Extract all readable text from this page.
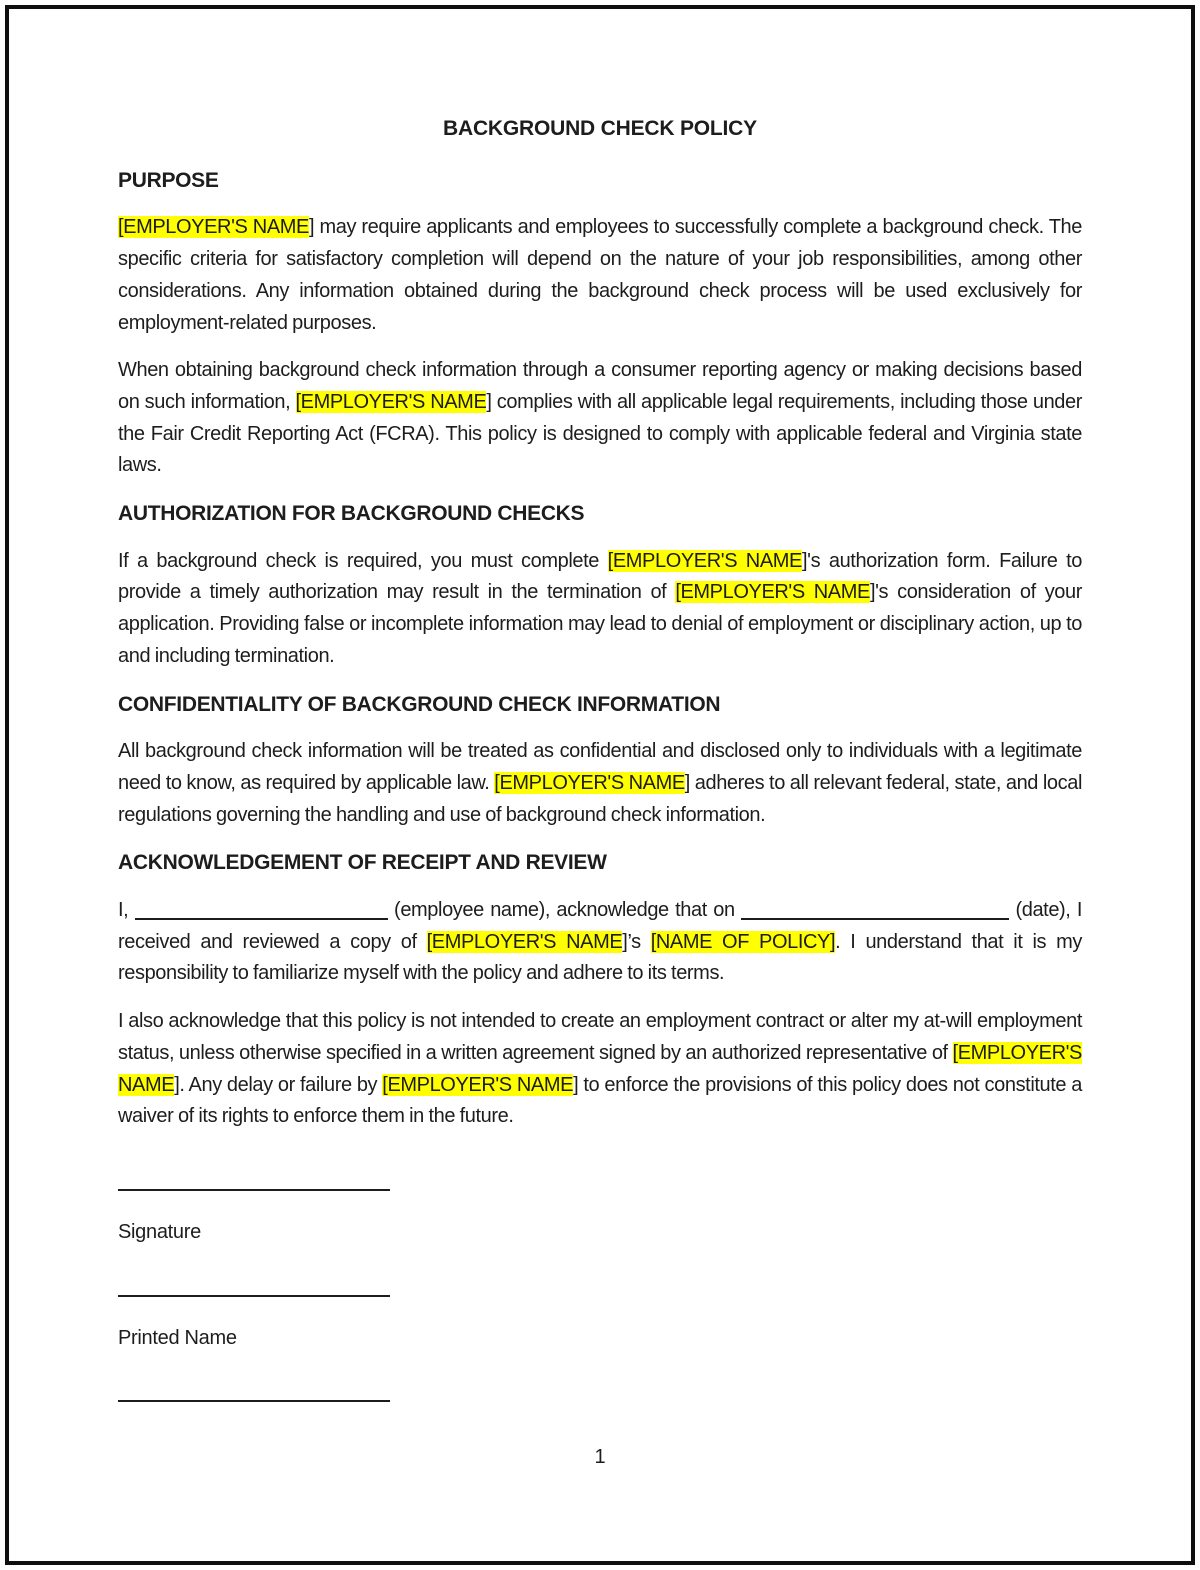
BACKGROUND CHECK POLICY
PURPOSE
[EMPLOYER'S NAME] may require applicants and employees to successfully complete a background check. The specific criteria for satisfactory completion will depend on the nature of your job responsibilities, among other considerations. Any information obtained during the background check process will be used exclusively for employment-related purposes.
When obtaining background check information through a consumer reporting agency or making decisions based on such information, [EMPLOYER'S NAME] complies with all applicable legal requirements, including those under the Fair Credit Reporting Act (FCRA). This policy is designed to comply with applicable federal and Virginia state laws.
AUTHORIZATION FOR BACKGROUND CHECKS
If a background check is required, you must complete [EMPLOYER'S NAME]'s authorization form. Failure to provide a timely authorization may result in the termination of [EMPLOYER'S NAME]'s consideration of your application. Providing false or incomplete information may lead to denial of employment or disciplinary action, up to and including termination.
CONFIDENTIALITY OF BACKGROUND CHECK INFORMATION
All background check information will be treated as confidential and disclosed only to individuals with a legitimate need to know, as required by applicable law. [EMPLOYER'S NAME] adheres to all relevant federal, state, and local regulations governing the handling and use of background check information.
ACKNOWLEDGEMENT OF RECEIPT AND REVIEW
I,	(employee name), acknowledge that on	(date), I received and reviewed a copy of [EMPLOYER'S NAME]’s [NAME OF POLICY]. I understand that it is my responsibility to familiarize myself with the policy and adhere to its terms.
I also acknowledge that this policy is not intended to create an employment contract or alter my at-will employment status, unless otherwise specified in a written agreement signed by an authorized representative of [EMPLOYER'S NAME]. Any delay or failure by [EMPLOYER'S NAME] to enforce the provisions of this policy does not constitute a waiver of its rights to enforce them in the future.
Signature
Printed Name
1
